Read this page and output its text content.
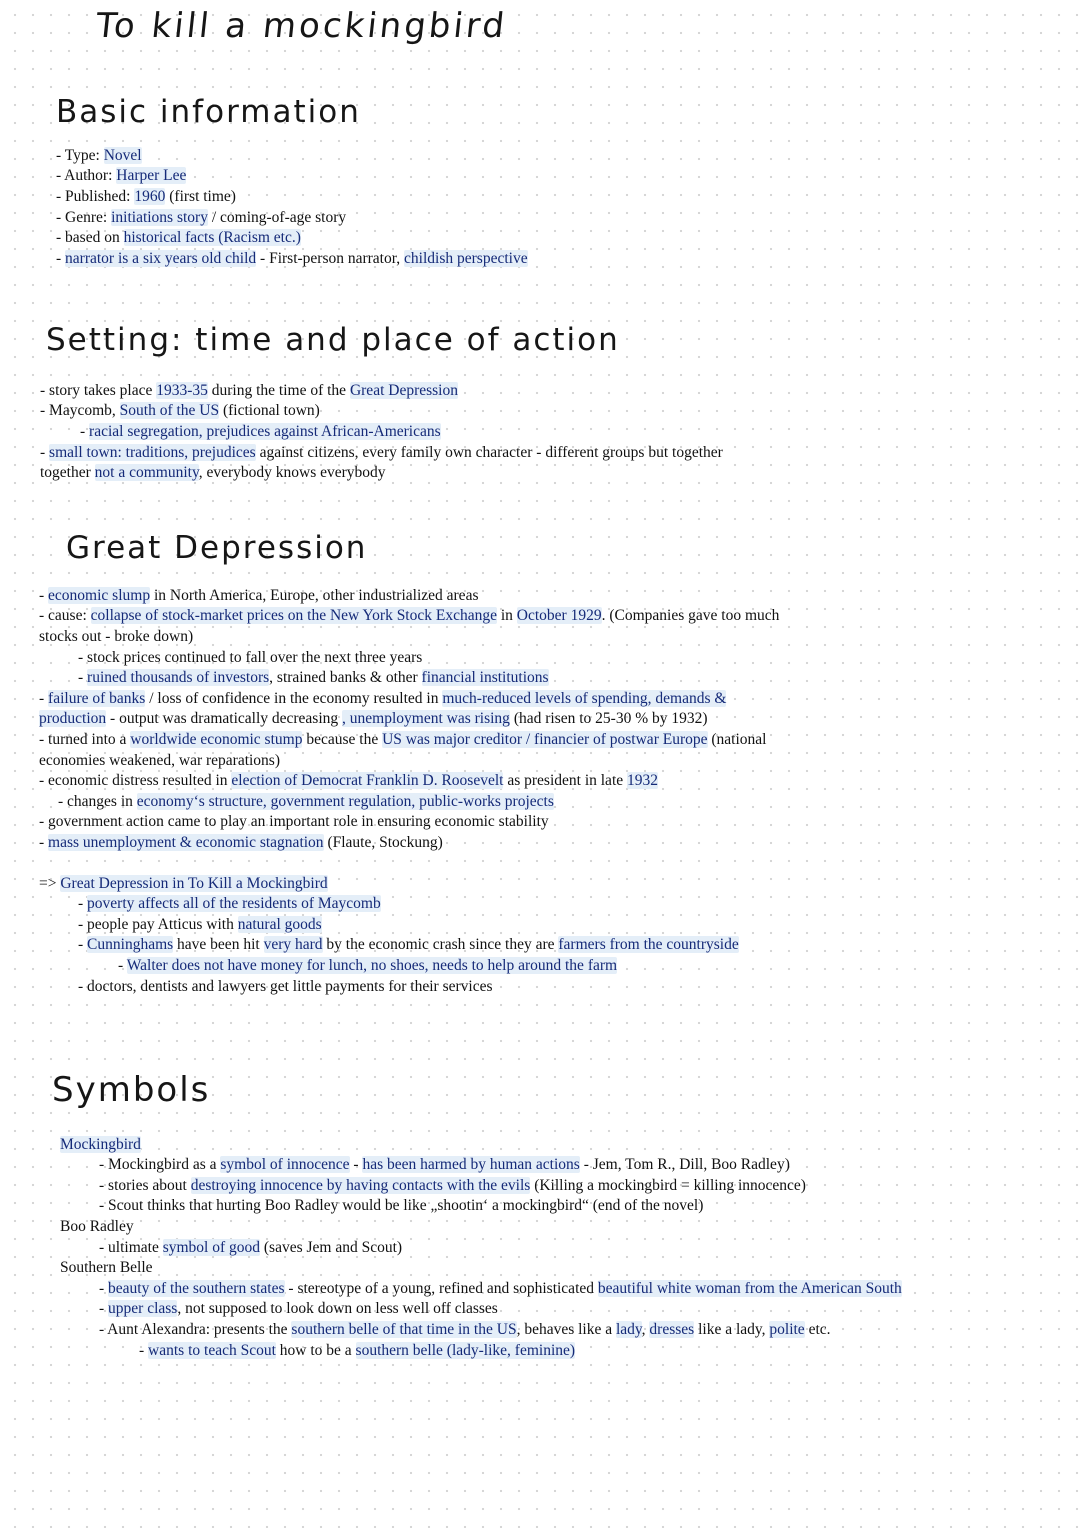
To kill a mockingbird
Basic information
Setting: time and place of action
Great Depression
Symbols
- Type: Novel
- Author: Harper Lee
- Published: 1960 (first time)
- Genre: initiations story / coming-of-age story
- based on historical facts (Racism etc.)
- narrator is a six years old child - First-person narrator, childish perspective
- story takes place 1933-35 during the time of the Great Depression
- Maycomb, South of the US (fictional town)
- racial segregation, prejudices against African-Americans
- small town: traditions, prejudices against citizens, every family own character - different groups but together
together not a community, everybody knows everybody
- economic slump in North America, Europe, other industrialized areas
- cause: collapse of stock-market prices on the New York Stock Exchange in October 1929. (Companies gave too much
stocks out - broke down)
- stock prices continued to fall over the next three years
- ruined thousands of investors, strained banks & other financial institutions
- failure of banks / loss of confidence in the economy resulted in much-reduced levels of spending, demands &
production - output was dramatically decreasing , unemployment was rising (had risen to 25-30 % by 1932)
- turned into a worldwide economic stump because the US was major creditor / financier of postwar Europe (national
economies weakened, war reparations)
- economic distress resulted in election of Democrat Franklin D. Roosevelt as president in late 1932
- changes in economy‘s structure, government regulation, public-works projects
- government action came to play an important role in ensuring economic stability
- mass unemployment & economic stagnation (Flaute, Stockung)
=> Great Depression in To Kill a Mockingbird
- poverty affects all of the residents of Maycomb
- people pay Atticus with natural goods
- Cunninghams have been hit very hard by the economic crash since they are farmers from the countryside
- Walter does not have money for lunch, no shoes, needs to help around the farm
- doctors, dentists and lawyers get little payments for their services
Mockingbird
- Mockingbird as a symbol of innocence - has been harmed by human actions - Jem, Tom R., Dill, Boo Radley)
- stories about destroying innocence by having contacts with the evils (Killing a mockingbird = killing innocence)
- Scout thinks that hurting Boo Radley would be like „shootin‘ a mockingbird“ (end of the novel)
Boo Radley
- ultimate symbol of good (saves Jem and Scout)
Southern Belle
- beauty of the southern states - stereotype of a young, refined and sophisticated beautiful white woman from the American South
- upper class, not supposed to look down on less well off classes
- Aunt Alexandra: presents the southern belle of that time in the US, behaves like a lady, dresses like a lady, polite etc.
- wants to teach Scout how to be a southern belle (lady-like, feminine)
